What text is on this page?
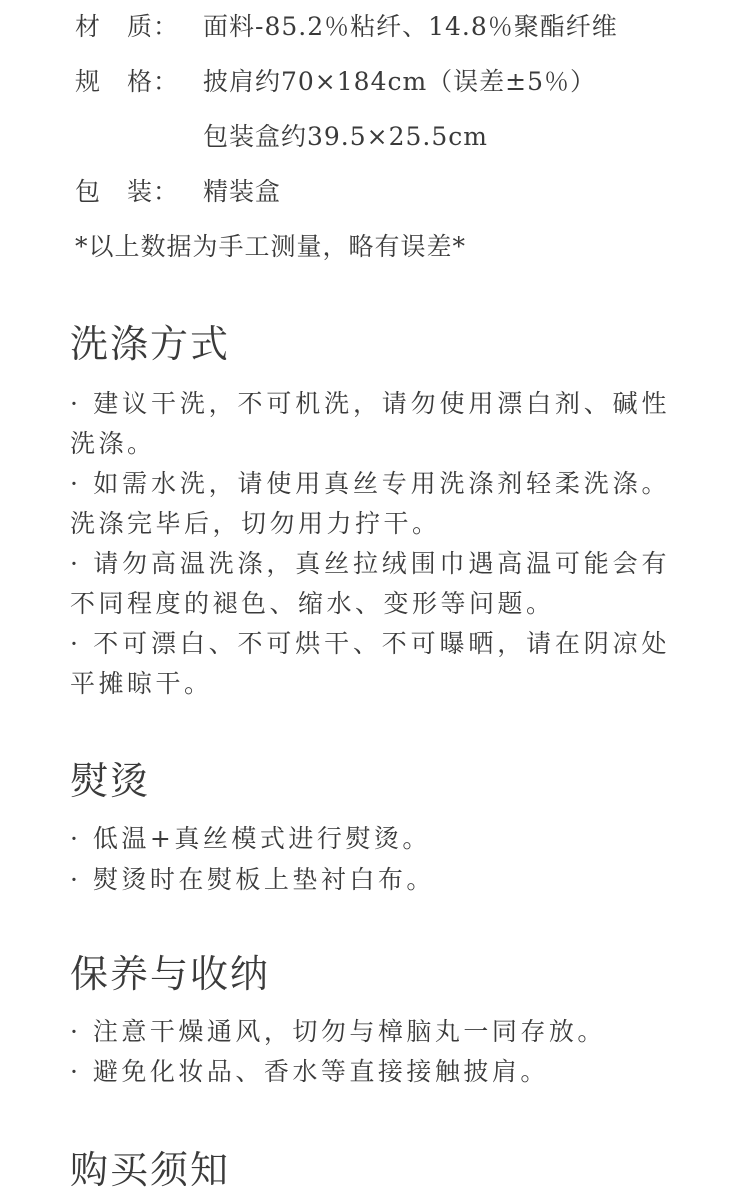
材　质： 面料-85.2％粘纤、14.8％聚酯纤维
规　格： 披肩约70×184cm（误差±5％）
包装盒约39.5×25.5cm
包　装： 精装盒
*以上数据为手工测量，略有误差*
洗涤方式
· 建议干洗，不可机洗，请勿使用漂白剂、碱性洗涤。
· 如需水洗，请使用真丝专用洗涤剂轻柔洗涤。洗涤完毕后，切勿用力拧干。
· 请勿高温洗涤，真丝拉绒围巾遇高温可能会有不同程度的褪色、缩水、变形等问题。
· 不可漂白、不可烘干、不可曝晒，请在阴凉处平摊晾干。
熨烫
· 低温+真丝模式进行熨烫。
· 熨烫时在熨板上垫衬白布。
保养与收纳
· 注意干燥通风，切勿与樟脑丸一同存放。
· 避免化妆品、香水等直接接触披肩。
购买须知
